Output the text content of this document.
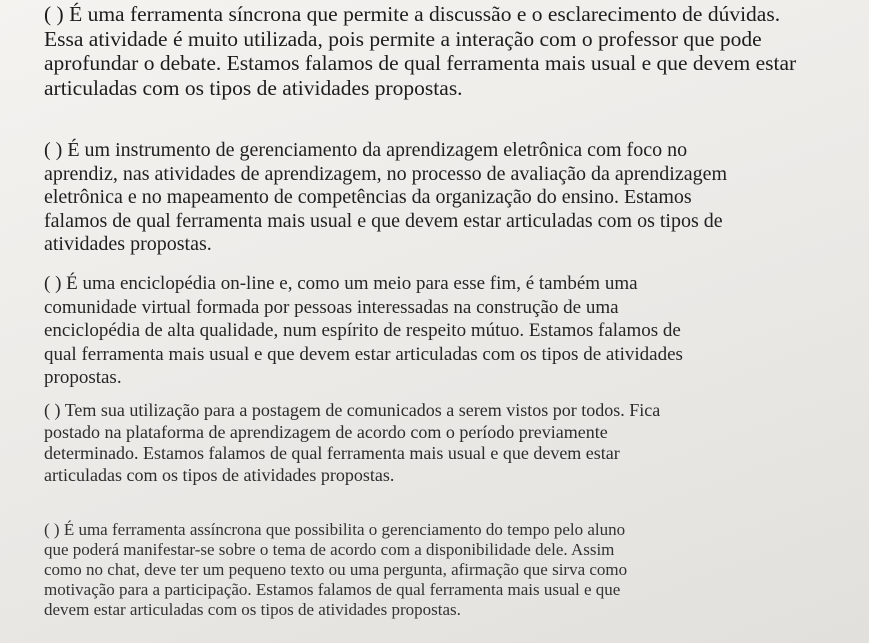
( ) É uma ferramenta síncrona que permite a discussão e o esclarecimento de dúvidas.
Essa atividade é muito utilizada, pois permite a interação com o professor que pode
aprofundar o debate. Estamos falamos de qual ferramenta mais usual e que devem estar
articuladas com os tipos de atividades propostas.

( ) É um instrumento de gerenciamento da aprendizagem eletrônica com foco no
aprendiz, nas atividades de aprendizagem, no processo de avaliação da aprendizagem
eletrônica e no mapeamento de competências da organização do ensino. Estamos
falamos de qual ferramenta mais usual e que devem estar articuladas com os tipos de
atividades propostas.

( ) É uma enciclopédia on-line e, como um meio para esse fim, é também uma
comunidade virtual formada por pessoas interessadas na construção de uma
enciclopédia de alta qualidade, num espírito de respeito mútuo. Estamos falamos de
qual ferramenta mais usual e que devem estar articuladas com os tipos de atividades
propostas.

( ) Tem sua utilização para a postagem de comunicados a serem vistos por todos. Fica
postado na plataforma de aprendizagem de acordo com o período previamente
determinado. Estamos falamos de qual ferramenta mais usual e que devem estar
articuladas com os tipos de atividades propostas.

( ) É uma ferramenta assíncrona que possibilita o gerenciamento do tempo pelo aluno
que poderá manifestar-se sobre o tema de acordo com a disponibilidade dele. Assim
como no chat, deve ter um pequeno texto ou uma pergunta, afirmação que sirva como
motivação para a participação. Estamos falamos de qual ferramenta mais usual e que
devem estar articuladas com os tipos de atividades propostas.
